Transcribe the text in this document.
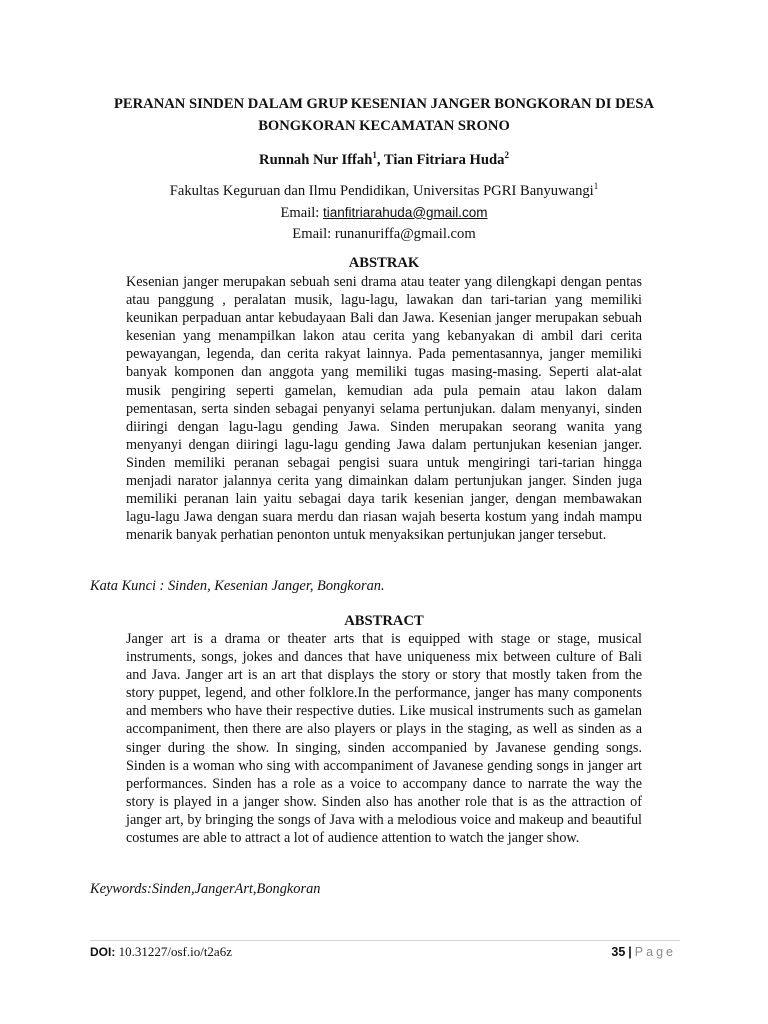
PERANAN SINDEN DALAM GRUP KESENIAN JANGER BONGKORAN DI DESA
BONGKORAN KECAMATAN SRONO
Runnah Nur Iffah$^1$, Tian Fitriara Huda$^2$
Fakultas Keguruan dan Ilmu Pendidikan, Universitas PGRI Banyuwangi$^1$
Email: tianfitriarahuda@gmail.com
Email: runanuriffa@gmail.com
ABSTRAK

Kesenian janger merupakan sebuah seni drama atau teater yang dilengkapi dengan pentas atau panggung , peralatan musik, lagu-lagu, lawakan dan tari-tarian yang memiliki keunikan perpaduan antar kebudayaan Bali dan Jawa. Kesenian janger merupakan sebuah kesenian yang menampilkan lakon atau cerita yang kebanyakan di ambil dari cerita pewayangan, legenda, dan cerita rakyat lainnya. Pada pementasannya, janger memiliki banyak komponen dan anggota yang memiliki tugas masing-masing. Seperti alat-alat musik pengiring seperti gamelan, kemudian ada pula pemain atau lakon dalam pementasan, serta sinden sebagai penyanyi selama pertunjukan. dalam menyanyi, sinden diiringi dengan lagu-lagu gending Jawa. Sinden merupakan seorang wanita yang menyanyi dengan diiringi lagu-lagu gending Jawa dalam pertunjukan kesenian janger. Sinden memiliki peranan sebagai pengisi suara untuk mengiringi tari-tarian hingga menjadi narator jalannya cerita yang dimainkan dalam pertunjukan janger. Sinden juga memiliki peranan lain yaitu sebagai daya tarik kesenian janger, dengan membawakan lagu-lagu Jawa dengan suara merdu dan riasan wajah beserta kostum yang indah mampu menarik banyak perhatian penonton untuk menyaksikan pertunjukan janger tersebut.

Kata Kunci : Sinden, Kesenian Janger, Bongkoran.
ABSTRACT

Janger art is a drama or theater arts that is equipped with stage or stage, musical instruments, songs, jokes and dances that have uniqueness mix between culture of Bali and Java. Janger art is an art that displays the story or story that mostly taken from the story puppet, legend, and other folklore.In the performance, janger has many components and members who have their respective duties. Like musical instruments such as gamelan accompaniment, then there are also players or plays in the staging, as well as sinden as a singer during the show. In singing, sinden accompanied by Javanese gending songs. Sinden is a woman who sing with accompaniment of Javanese gending songs in janger art performances. Sinden has a role as a voice to accompany dance to narrate the way the story is played in a janger show. Sinden also has another role that is as the attraction of janger art, by bringing the songs of Java with a melodious voice and makeup and beautiful costumes are able to attract a lot of audience attention to watch the janger show.

Keywords:Sinden,JangerArt,Bongkoran
DOI: 10.31227/osf.io/t2a6z	35 | Page
